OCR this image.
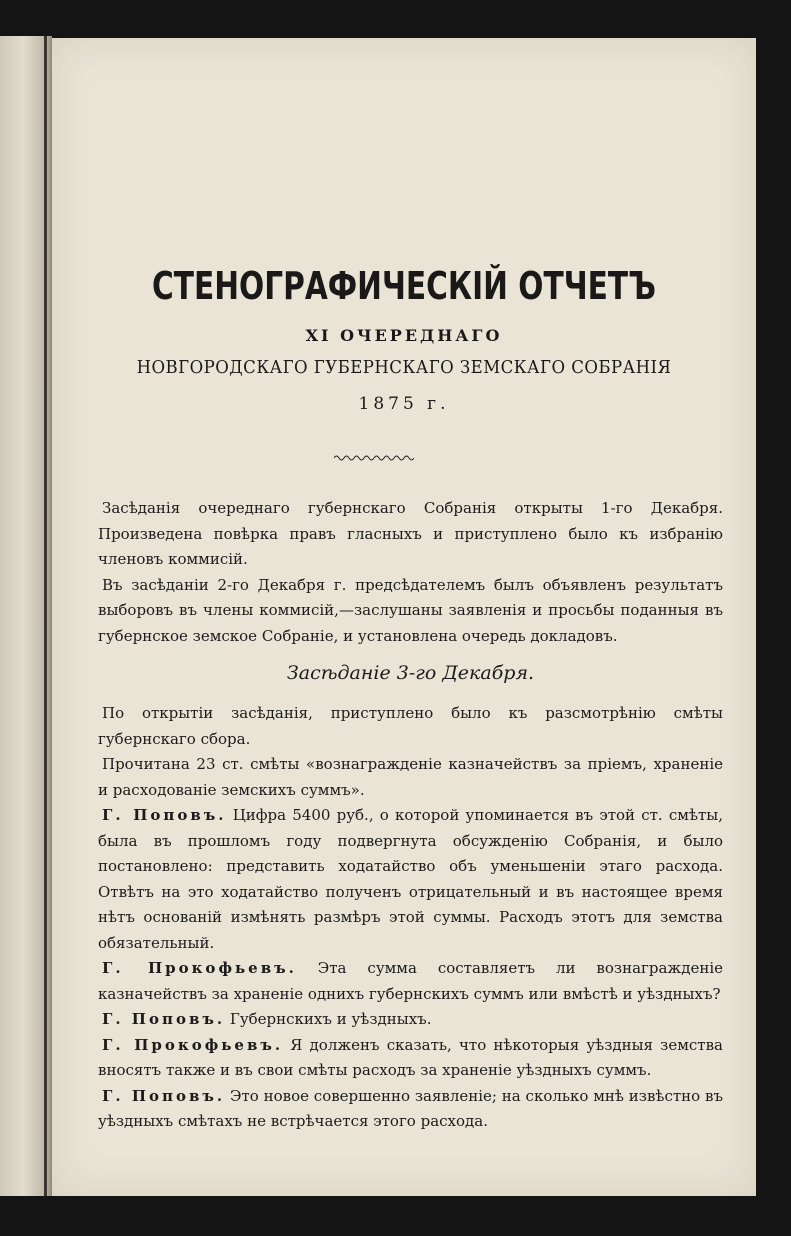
СТЕНОГРАФИЧЕСКІЙ ОТЧЕТЪ
XI ОЧЕРЕДНАГО
НОВГОРОДСКАГО ГУБЕРНСКАГО ЗЕМСКАГО СОБРАНІЯ
1875 г.

Засѣданія очереднаго губернскаго Собранія открыты 1-го Декабря. Произведена повѣрка правъ гласныхъ и приступлено было къ избранію членовъ коммисій.

Въ засѣданіи 2-го Декабря г. предсѣдателемъ былъ объявленъ результатъ выборовъ въ члены коммисій,—заслушаны заявленія и просьбы поданныя въ губернское земское Собраніе, и установлена очередь докладовъ.

Засѣданіе 3-го Декабря.

По открытіи засѣданія, приступлено было къ разсмотрѣнію смѣты губернскаго сбора.

Прочитана 23 ст. смѣты «вознагражденіе казначействъ за пріемъ, храненіе и расходованіе земскихъ суммъ».

Г. Поповъ. Цифра 5400 руб., о которой упоминается въ этой ст. смѣты, была въ прошломъ году подвергнута обсужденію Собранія, и было постановлено: представить ходатайство объ уменьшеніи этаго расхода. Отвѣтъ на это ходатайство полученъ отрицательный и въ настоящее время нѣтъ основаній измѣнять размѣръ этой суммы. Расходъ этотъ для земства обязательный.

Г. Прокофьевъ. Эта сумма составляетъ ли вознагражденіе казначействъ за храненіе однихъ губернскихъ суммъ или вмѣстѣ и уѣздныхъ?

Г. Поповъ. Губернскихъ и уѣздныхъ.

Г. Прокофьевъ. Я долженъ сказать, что нѣкоторыя уѣздныя земства вносятъ также и въ свои смѣты расходъ за храненіе уѣздныхъ суммъ.

Г. Поповъ. Это новое совершенно заявленіе; на сколько мнѣ извѣстно въ уѣздныхъ смѣтахъ не встрѣчается этого расхода.
